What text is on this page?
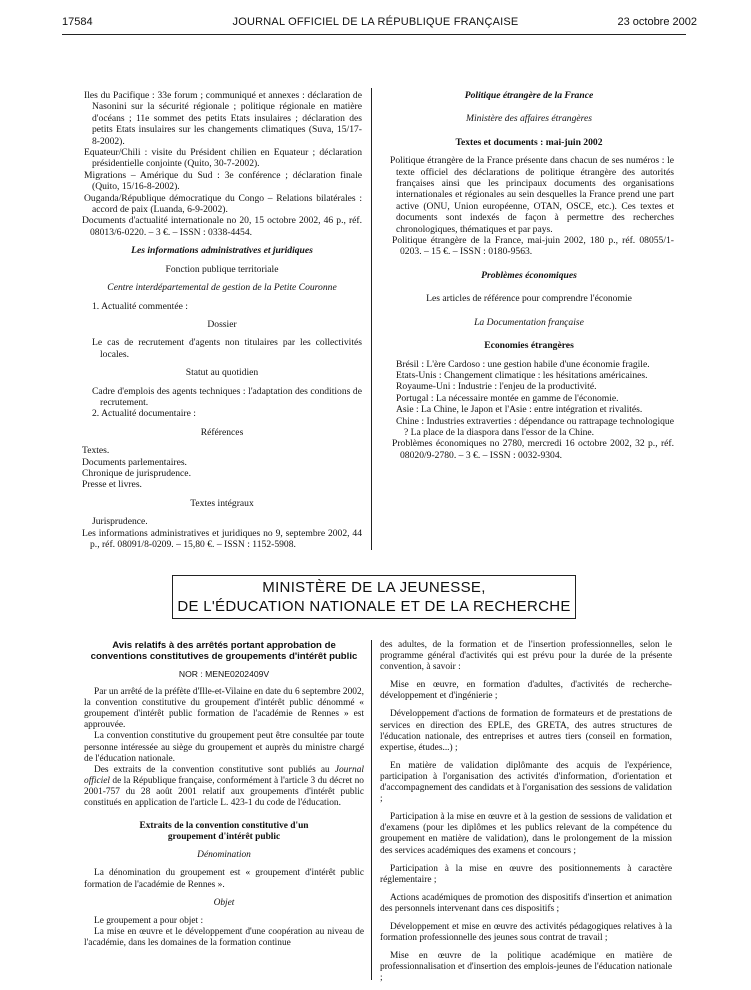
17584	JOURNAL OFFICIEL DE LA RÉPUBLIQUE FRANÇAISE	23 octobre 2002

Iles du Pacifique : 33e forum ; communiqué et annexes : déclaration de Nasonini sur la sécurité régionale ; politique régionale en matière d'océans ; 11e sommet des petits Etats insulaires ; déclaration des petits Etats insulaires sur les changements climatiques (Suva, 15/17-8-2002).

Equateur/Chili : visite du Président chilien en Equateur ; déclaration présidentielle conjointe (Quito, 30-7-2002).

Migrations – Amérique du Sud : 3e conférence ; déclaration finale (Quito, 15/16-8-2002).

Ouganda/République démocratique du Congo – Relations bilatérales : accord de paix (Luanda, 6-9-2002).

Documents d'actualité internationale no 20, 15 octobre 2002, 46 p., réf. 08013/6-0220. – 3 €. – ISSN : 0338-4454.

Les informations administratives et juridiques

Fonction publique territoriale

Centre interdépartemental de gestion de la Petite Couronne

1. Actualité commentée :

Dossier

Le cas de recrutement d'agents non titulaires par les collectivités locales.

Statut au quotidien

Cadre d'emplois des agents techniques : l'adaptation des conditions de recrutement.

2. Actualité documentaire :

Références

Textes.

Documents parlementaires.

Chronique de jurisprudence.

Presse et livres.

Textes intégraux

Jurisprudence.

Les informations administratives et juridiques no 9, septembre 2002, 44 p., réf. 08091/8-0209. – 15,80 €. – ISSN : 1152-5908.

Politique étrangère de la France

Ministère des affaires étrangères

Textes et documents : mai-juin 2002

Politique étrangère de la France présente dans chacun de ses numéros : le texte officiel des déclarations de politique étrangère des autorités françaises ainsi que les principaux documents des organisations internationales et régionales au sein desquelles la France prend une part active (ONU, Union européenne, OTAN, OSCE, etc.). Ces textes et documents sont indexés de façon à permettre des recherches chronologiques, thématiques et par pays.

Politique étrangère de la France, mai-juin 2002, 180 p., réf. 08055/1-0203. – 15 €. – ISSN : 0180-9563.

Problèmes économiques

Les articles de référence pour comprendre l'économie

La Documentation française

Economies étrangères

Brésil : L'ère Cardoso : une gestion habile d'une économie fragile.

Etats-Unis : Changement climatique : les hésitations américaines.

Royaume-Uni : Industrie : l'enjeu de la productivité.

Portugal : La nécessaire montée en gamme de l'économie.

Asie : La Chine, le Japon et l'Asie : entre intégration et rivalités.

Chine : Industries extraverties : dépendance ou rattrapage technologique ? La place de la diaspora dans l'essor de la Chine.

Problèmes économiques no 2780, mercredi 16 octobre 2002, 32 p., réf. 08020/9-2780. – 3 €. – ISSN : 0032-9304.

MINISTÈRE DE LA JEUNESSE,
DE L'ÉDUCATION NATIONALE ET DE LA RECHERCHE

Avis relatifs à des arrêtés portant approbation de conventions constitutives de groupements d'intérêt public

NOR : MENE0202409V

Par un arrêté de la préfète d'Ille-et-Vilaine en date du 6 septembre 2002, la convention constitutive du groupement d'intérêt public dénommé « groupement d'intérêt public formation de l'académie de Rennes » est approuvée.

La convention constitutive du groupement peut être consultée par toute personne intéressée au siège du groupement et auprès du ministre chargé de l'éducation nationale.

Des extraits de la convention constitutive sont publiés au Journal officiel de la République française, conformément à l'article 3 du décret no 2001-757 du 28 août 2001 relatif aux groupements d'intérêt public constitués en application de l'article L. 423-1 du code de l'éducation.

Extraits de la convention constitutive d'un groupement d'intérêt public

Dénomination

La dénomination du groupement est « groupement d'intérêt public formation de l'académie de Rennes ».

Objet

Le groupement a pour objet :

La mise en œuvre et le développement d'une coopération au niveau de l'académie, dans les domaines de la formation continue

des adultes, de la formation et de l'insertion professionnelles, selon le programme général d'activités qui est prévu pour la durée de la présente convention, à savoir :

Mise en œuvre, en formation d'adultes, d'activités de recherche-développement et d'ingénierie ;

Développement d'actions de formation de formateurs et de prestations de services en direction des EPLE, des GRETA, des autres structures de l'éducation nationale, des entreprises et autres tiers (conseil en formation, expertise, études...) ;

En matière de validation diplômante des acquis de l'expérience, participation à l'organisation des activités d'information, d'orientation et d'accompagnement des candidats et à l'organisation des sessions de validation ;

Participation à la mise en œuvre et à la gestion de sessions de validation et d'examens (pour les diplômes et les publics relevant de la compétence du groupement en matière de validation), dans le prolongement de la mission des services académiques des examens et concours ;

Participation à la mise en œuvre des positionnements à caractère réglementaire ;

Actions académiques de promotion des dispositifs d'insertion et animation des personnels intervenant dans ces dispositifs ;

Développement et mise en œuvre des activités pédagogiques relatives à la formation professionnelle des jeunes sous contrat de travail ;

Mise en œuvre de la politique académique en matière de professionnalisation et d'insertion des emplois-jeunes de l'éducation nationale ;
